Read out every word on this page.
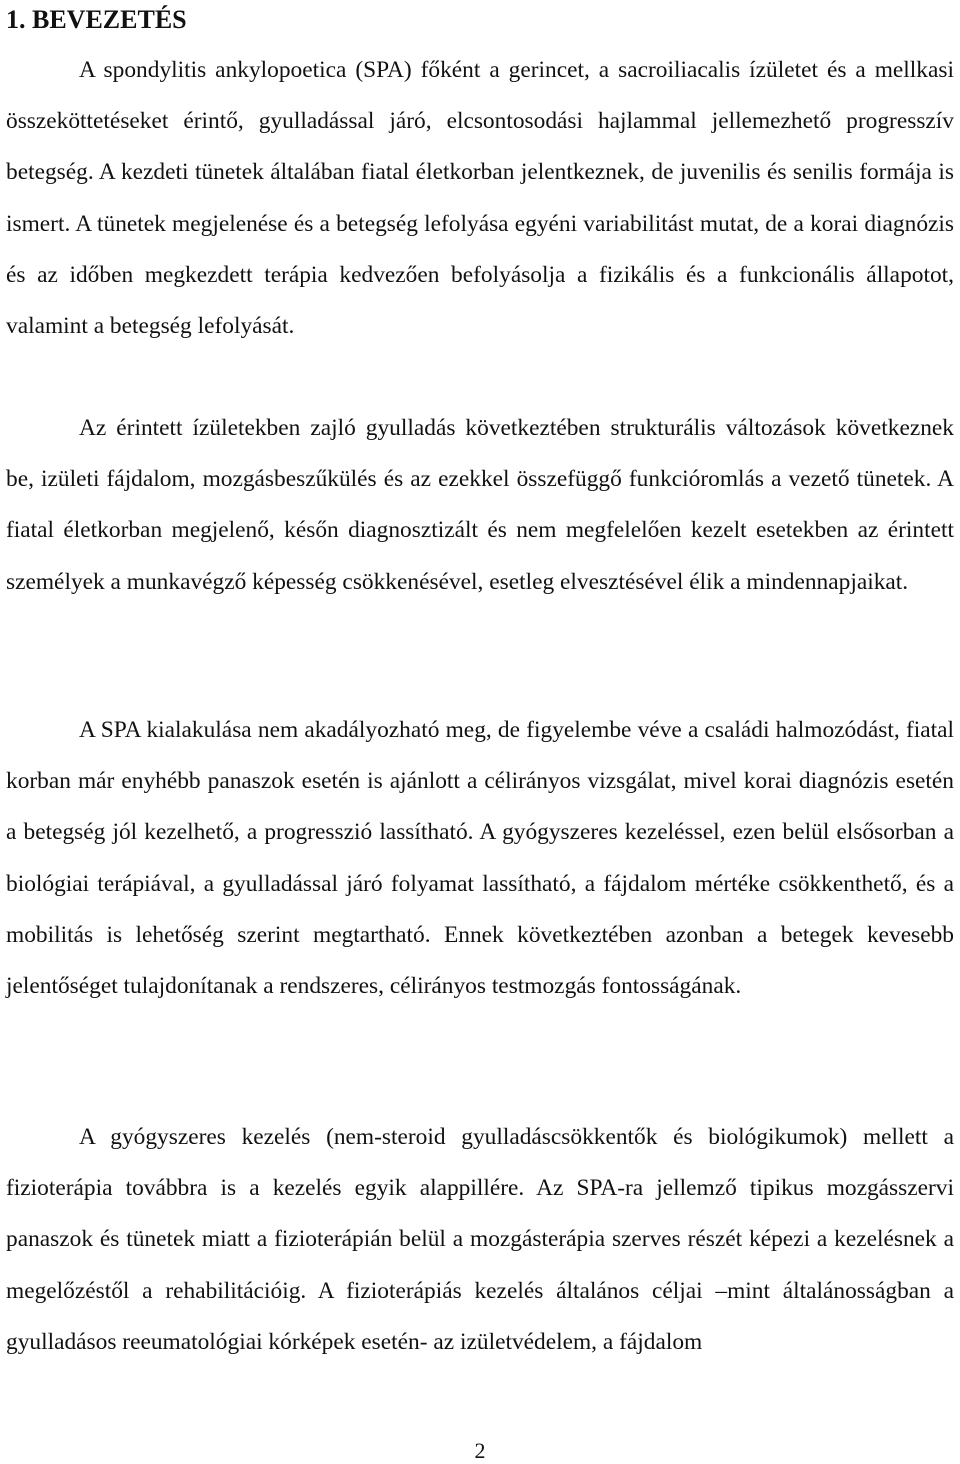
1. BEVEZETÉS

A spondylitis ankylopoetica (SPA) főként a gerincet, a sacroiliacalis ízületet és a mellkasi összeköttetéseket érintő, gyulladással járó, elcsontosodási hajlammal jellemezhető progresszív betegség. A kezdeti tünetek általában fiatal életkorban jelentkeznek, de juvenilis és senilis formája is ismert. A tünetek megjelenése és a betegség lefolyása egyéni variabilitást mutat, de a korai diagnózis és az időben megkezdett terápia kedvezően befolyásolja a fizikális és a funkcionális állapotot, valamint a betegség lefolyását.

Az érintett ízületekben zajló gyulladás következtében strukturális változások következnek be, izületi fájdalom, mozgásbeszűkülés és az ezekkel összefüggő funkcióromlás a vezető tünetek. A fiatal életkorban megjelenő, későn diagnosztizált és nem megfelelően kezelt esetekben az érintett személyek a munkavégző képesség csökkenésével, esetleg elvesztésével élik a mindennapjaikat.

A SPA kialakulása nem akadályozható meg, de figyelembe véve a családi halmozódást, fiatal korban már enyhébb panaszok esetén is ajánlott a célirányos vizsgálat, mivel korai diagnózis esetén a betegség jól kezelhető, a progresszió lassítható. A gyógyszeres kezeléssel, ezen belül elsősorban a biológiai terápiával, a gyulladással járó folyamat lassítható, a fájdalom mértéke csökkenthető, és a mobilitás is lehetőség szerint megtartható. Ennek következtében azonban a betegek kevesebb jelentőséget tulajdonítanak a rendszeres, célirányos testmozgás fontosságának.

A gyógyszeres kezelés (nem-steroid gyulladáscsökkentők és biológikumok) mellett a fizioterápia továbbra is a kezelés egyik alappillére. Az SPA-ra jellemző tipikus mozgásszervi panaszok és tünetek miatt a fizioterápián belül a mozgásterápia szerves részét képezi a kezelésnek a megelőzéstől a rehabilitációig. A fizioterápiás kezelés általános céljai –mint általánosságban a gyulladásos reeumatológiai kórképek esetén- az izületvédelem, a fájdalom

2
